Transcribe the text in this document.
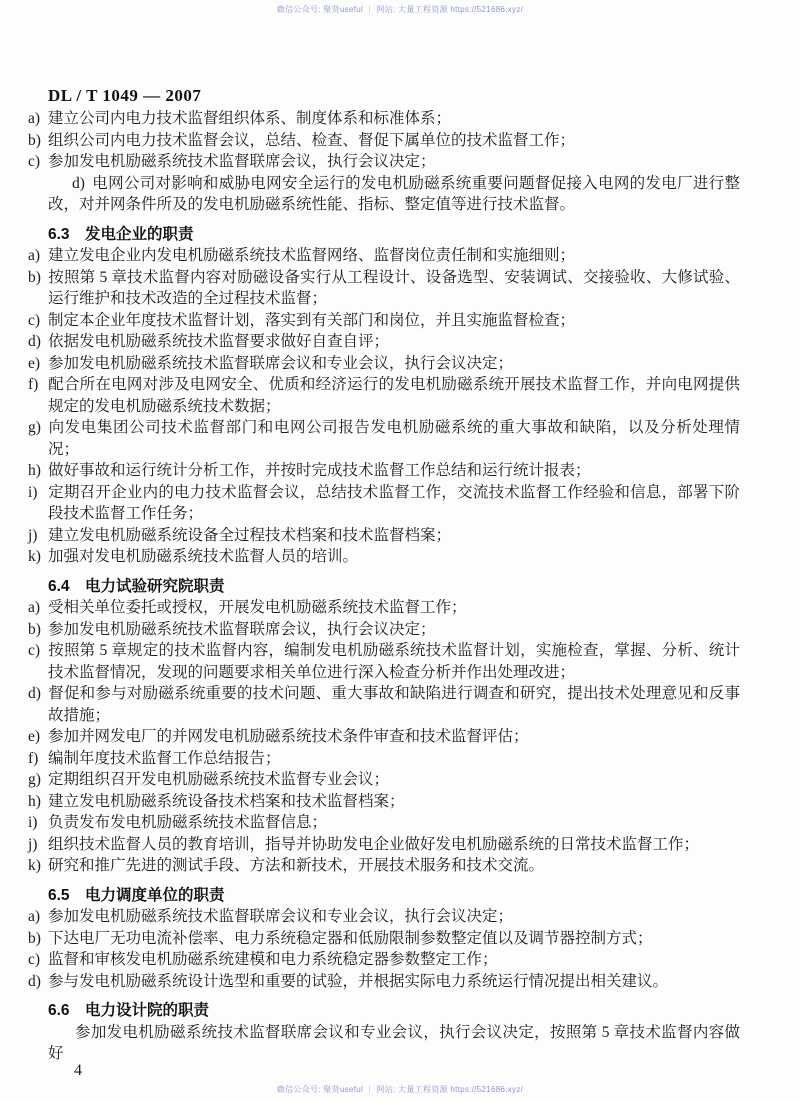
微信公众号: 聚贤useful ｜ 网站: 大量工程资源 https://521686.xyz/
DL / T 1049 — 2007

a) 建立公司内电力技术监督组织体系、制度体系和标准体系；

b) 组织公司内电力技术监督会议，总结、检查、督促下属单位的技术监督工作；

c) 参加发电机励磁系统技术监督联席会议，执行会议决定；

d) 电网公司对影响和威胁电网安全运行的发电机励磁系统重要问题督促接入电网的发电厂进行整改，对并网条件所及的发电机励磁系统性能、指标、整定值等进行技术监督。

6.3 发电企业的职责

a) 建立发电企业内发电机励磁系统技术监督网络、监督岗位责任制和实施细则；

b) 按照第 5 章技术监督内容对励磁设备实行从工程设计、设备选型、安装调试、交接验收、大修试验、运行维护和技术改造的全过程技术监督；

c) 制定本企业年度技术监督计划，落实到有关部门和岗位，并且实施监督检查；

d) 依据发电机励磁系统技术监督要求做好自查自评；

e) 参加发电机励磁系统技术监督联席会议和专业会议，执行会议决定；

f) 配合所在电网对涉及电网安全、优质和经济运行的发电机励磁系统开展技术监督工作，并向电网提供规定的发电机励磁系统技术数据；

g) 向发电集团公司技术监督部门和电网公司报告发电机励磁系统的重大事故和缺陷，以及分析处理情况；

h) 做好事故和运行统计分析工作，并按时完成技术监督工作总结和运行统计报表；

i) 定期召开企业内的电力技术监督会议，总结技术监督工作，交流技术监督工作经验和信息，部署下阶段技术监督工作任务；

j) 建立发电机励磁系统设备全过程技术档案和技术监督档案；

k) 加强对发电机励磁系统技术监督人员的培训。

6.4 电力试验研究院职责

a) 受相关单位委托或授权，开展发电机励磁系统技术监督工作；

b) 参加发电机励磁系统技术监督联席会议，执行会议决定；

c) 按照第 5 章规定的技术监督内容，编制发电机励磁系统技术监督计划，实施检查，掌握、分析、统计技术监督情况，发现的问题要求相关单位进行深入检查分析并作出处理改进；

d) 督促和参与对励磁系统重要的技术问题、重大事故和缺陷进行调查和研究，提出技术处理意见和反事故措施；

e) 参加并网发电厂的并网发电机励磁系统技术条件审查和技术监督评估；

f) 编制年度技术监督工作总结报告；

g) 定期组织召开发电机励磁系统技术监督专业会议；

h) 建立发电机励磁系统设备技术档案和技术监督档案；

i) 负责发布发电机励磁系统技术监督信息；

j) 组织技术监督人员的教育培训，指导并协助发电企业做好发电机励磁系统的日常技术监督工作；

k) 研究和推广先进的测试手段、方法和新技术，开展技术服务和技术交流。

6.5 电力调度单位的职责

a) 参加发电机励磁系统技术监督联席会议和专业会议，执行会议决定；

b) 下达电厂无功电流补偿率、电力系统稳定器和低励限制参数整定值以及调节器控制方式；

c) 监督和审核发电机励磁系统建模和电力系统稳定器参数整定工作；

d) 参与发电机励磁系统设计选型和重要的试验，并根据实际电力系统运行情况提出相关建议。

6.6 电力设计院的职责

参加发电机励磁系统技术监督联席会议和专业会议，执行会议决定，按照第 5 章技术监督内容做好

4
微信公众号: 聚贤useful ｜ 网站: 大量工程资源 https://521686.xyz/
